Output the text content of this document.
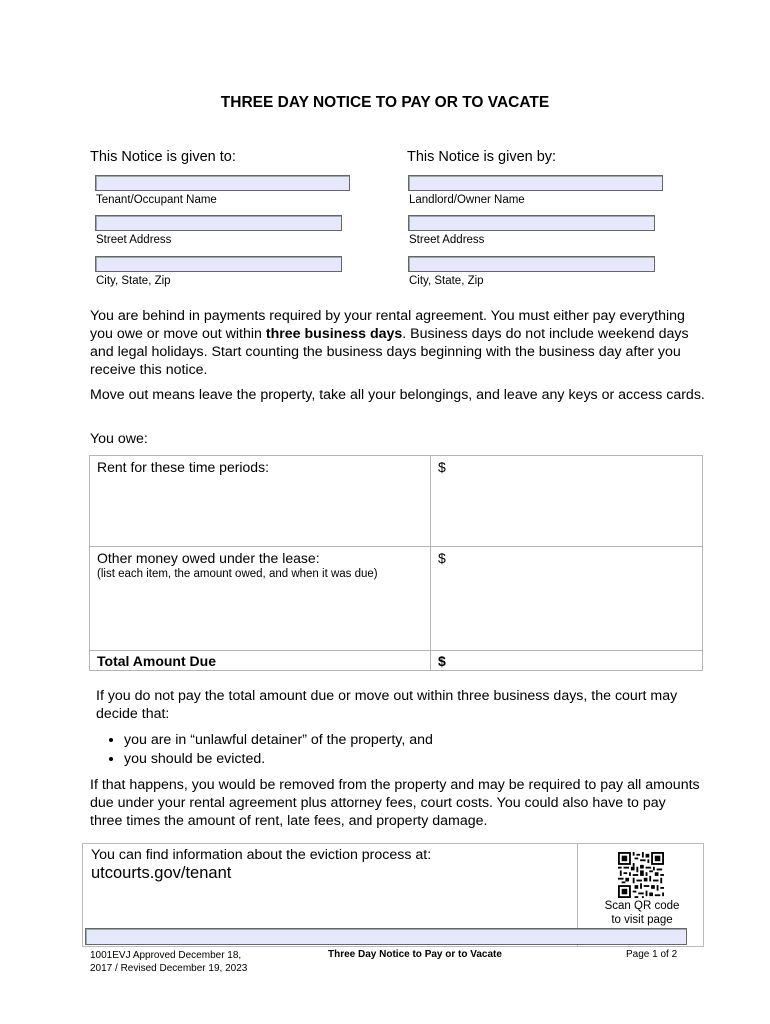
THREE DAY NOTICE TO PAY OR TO VACATE
This Notice is given to:
Tenant/Occupant Name
Street Address
City, State, Zip
This Notice is given by:
Landlord/Owner Name
Street Address
City, State, Zip
You are behind in payments required by your rental agreement. You must either pay everything you owe or move out within three business days. Business days do not include weekend days and legal holidays. Start counting the business days beginning with the business day after you receive this notice.
Move out means leave the property, take all your belongings, and leave any keys or access cards.
You owe:
Rent for these time periods:	$
Other money owed under the lease:
(list each item, the amount owed, and when it was due)	$
Total Amount Due	$
If you do not pay the total amount due or move out within three business days, the court may decide that:
• you are in “unlawful detainer” of the property, and
• you should be evicted.
If that happens, you would be removed from the property and may be required to pay all amounts due under your rental agreement plus attorney fees, court costs. You could also have to pay three times the amount of rent, late fees, and property damage.
You can find information about the eviction process at:
utcourts.gov/tenant
Scan QR code
to visit page
1001EVJ Approved December 18,
2017 / Revised December 19, 2023
Three Day Notice to Pay or to Vacate	Page 1 of 2
